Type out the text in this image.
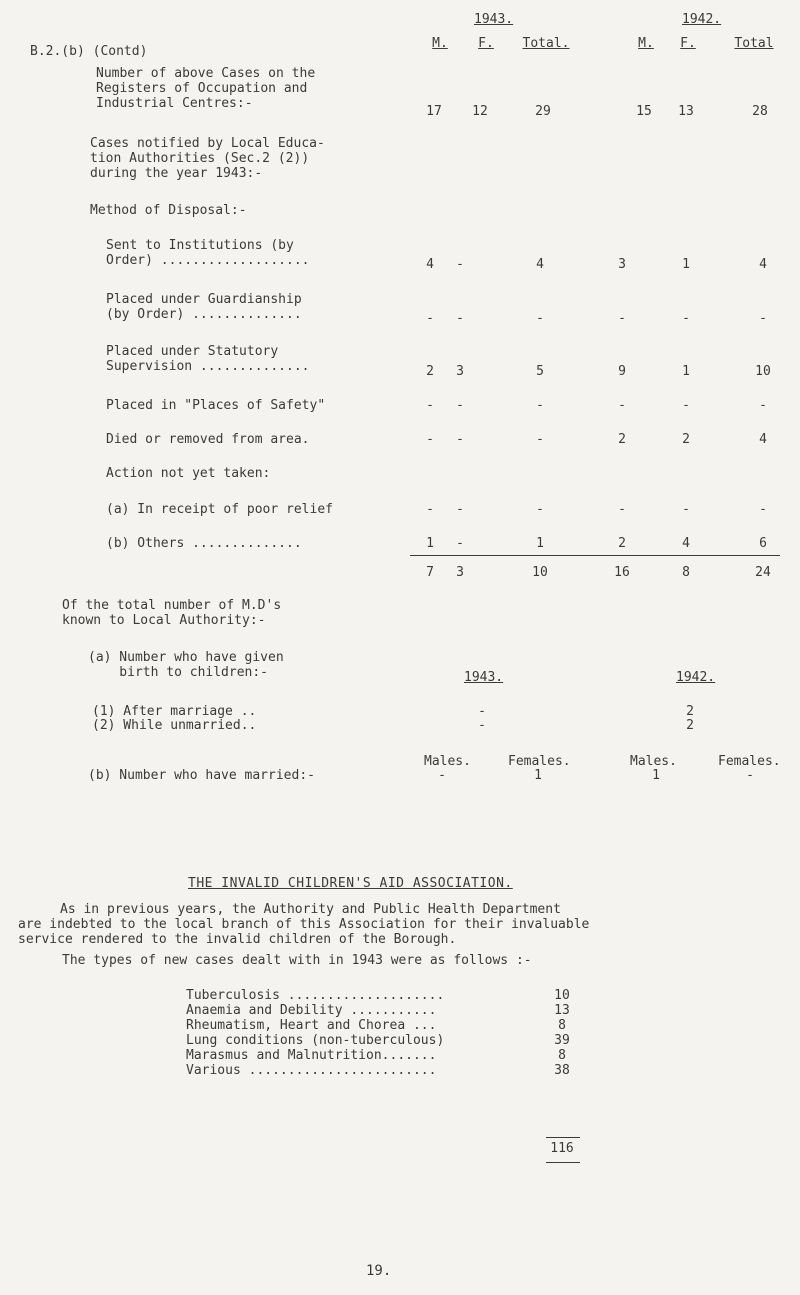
B.2.(b) (Contd)
1943.	1942.
M.	F.	Total.	M.	F.	Total
Number of above Cases on the
Registers of Occupation and
Industrial Centres:-
17	12	29	15	13	28
Cases notified by Local Educa-
tion Authorities (Sec.2 (2))
during the year 1943:-
Method of Disposal:-
Sent to Institutions (by
Order) ...................	4	-	4	3	1	4
Placed under Guardianship
(by Order) ..............	-	-	-	-	-	-
Placed under Statutory
Supervision ..............	2	3	5	9	1	10
Placed in "Places of Safety"	-	-	-	-	-	-
Died or removed from area.	-	-	-	2	2	4
Action not yet taken:
(a) In receipt of poor relief	-	-	-	-	-	-
(b) Others ..............	1	-	1	2	4	6
7	3	10	16	8	24
Of the total number of M.D's
known to Local Authority:-
(a) Number who have given
birth to children:-	1943.	1942.
(1) After marriage ..	-	2
(2) While unmarried..	-	2
Males.	Females.	Males.	Females.
(b) Number who have married:-	-	1	1	-
THE INVALID CHILDREN'S AID ASSOCIATION.
As in previous years, the Authority and Public Health Department
are indebted to the local branch of this Association for their invaluable
service rendered to the invalid children of the Borough.
The types of new cases dealt with in 1943 were as follows :-
Tuberculosis ....................	10
Anaemia and Debility ...........	13
Rheumatism, Heart and Chorea ...	8
Lung conditions (non-tuberculous)	39
Marasmus and Malnutrition.......	8
Various ........................	38
116
19.
